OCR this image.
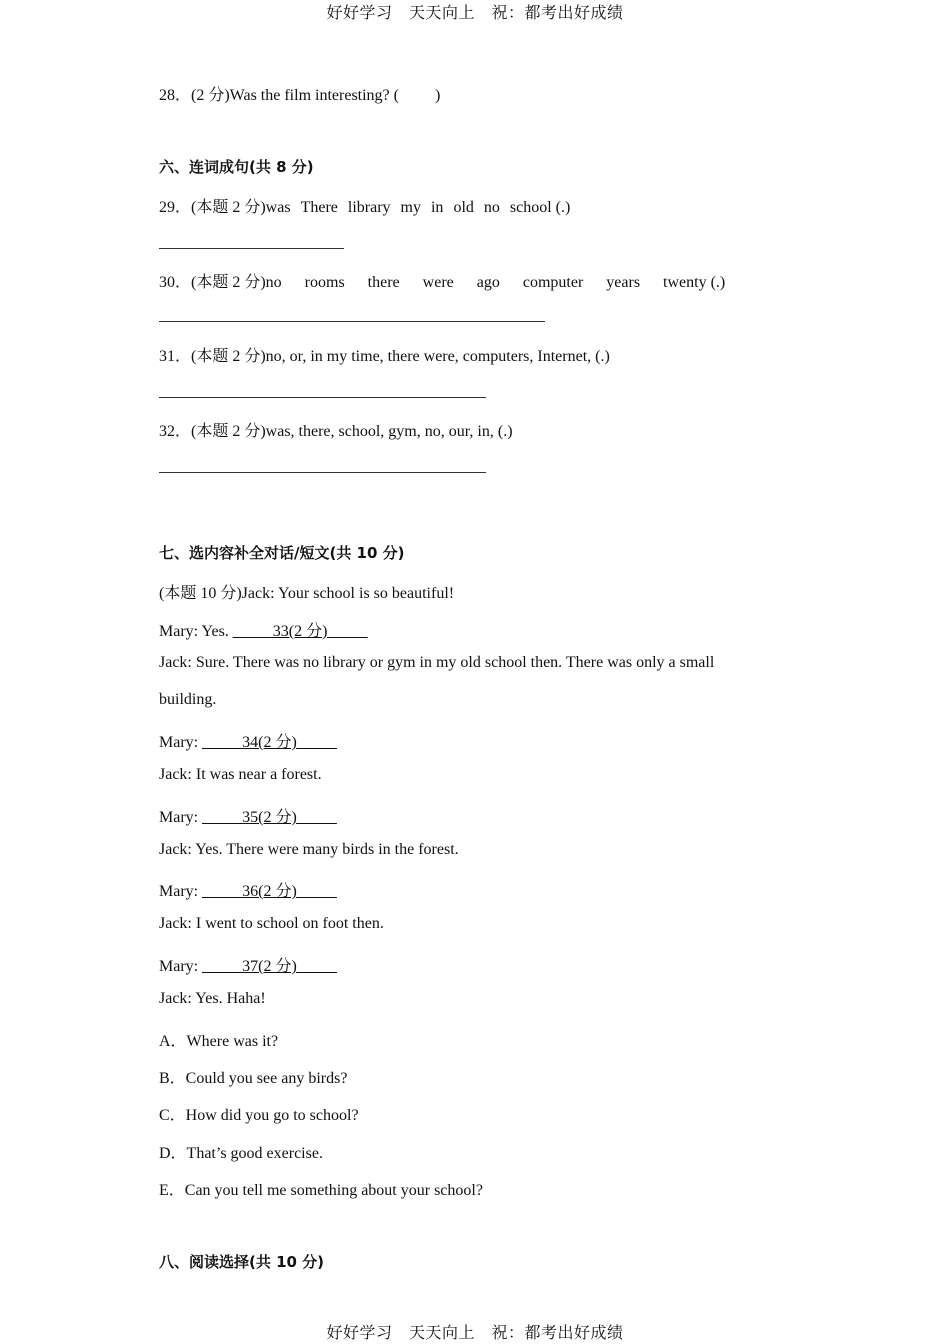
好好学习　天天向上　祝：都考出好成绩
28．(2 分)Was the film interesting? (　　 )
六、连词成句(共 8 分)
29．(本题 2 分)was There library my in old no school (.)
30．(本题 2 分)no rooms there were ago computer years twenty (.)
31．(本题 2 分)no, or, in my time, there were, computers, Internet, (.)
32．(本题 2 分)was, there, school, gym, no, our, in, (.)
七、选内容补全对话/短文(共 10 分)
(本题 10 分)Jack: Your school is so beautiful!
Mary: Yes. _____33(2 分)_____
Jack: Sure. There was no library or gym in my old school then. There was only a small
building.
Mary: _____34(2 分)_____
Jack: It was near a forest.
Mary: _____35(2 分)_____
Jack: Yes. There were many birds in the forest.
Mary: _____36(2 分)_____
Jack: I went to school on foot then.
Mary: _____37(2 分)_____
Jack: Yes. Haha!
A．Where was it?
B．Could you see any birds?
C．How did you go to school?
D．That’s good exercise.
E．Can you tell me something about your school?
八、阅读选择(共 10 分)
好好学习　天天向上　祝：都考出好成绩
